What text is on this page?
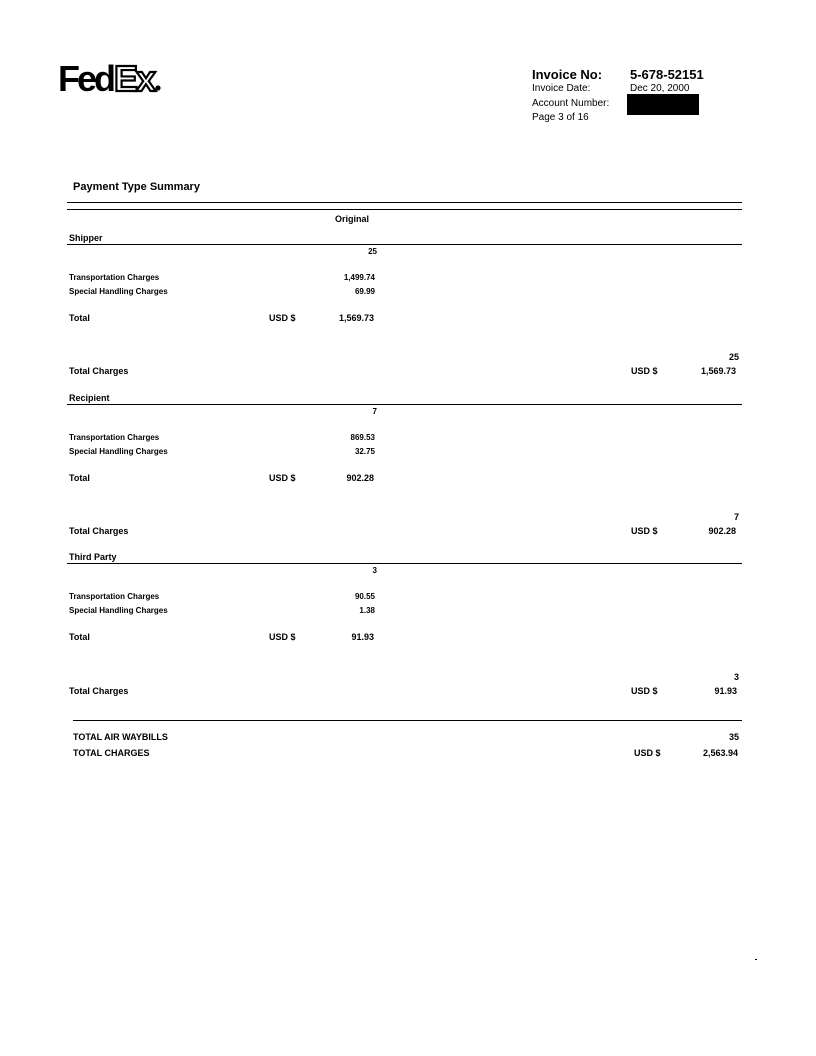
Fed Ex	Invoice No: 5-678-52151
Invoice Date:	Dec 20, 2000
Account Number:
Page 3 of 16
Payment Type Summary
Original
Shipper
25
Transportation Charges	1,499.74
Special Handling Charges	69.99
Total	USD $	1,569.73
25
Total Charges	USD $	1,569.73
Recipient
7
Transportation Charges	869.53
Special Handling Charges	32.75
Total	USD $	902.28
7
Total Charges	USD $	902.28
Third Party
3
Transportation Charges	90.55
Special Handling Charges	1.38
Total	USD $	91.93
3
Total Charges	USD $	91.93
TOTAL AIR WAYBILLS	35
TOTAL CHARGES	USD $	2,563.94
